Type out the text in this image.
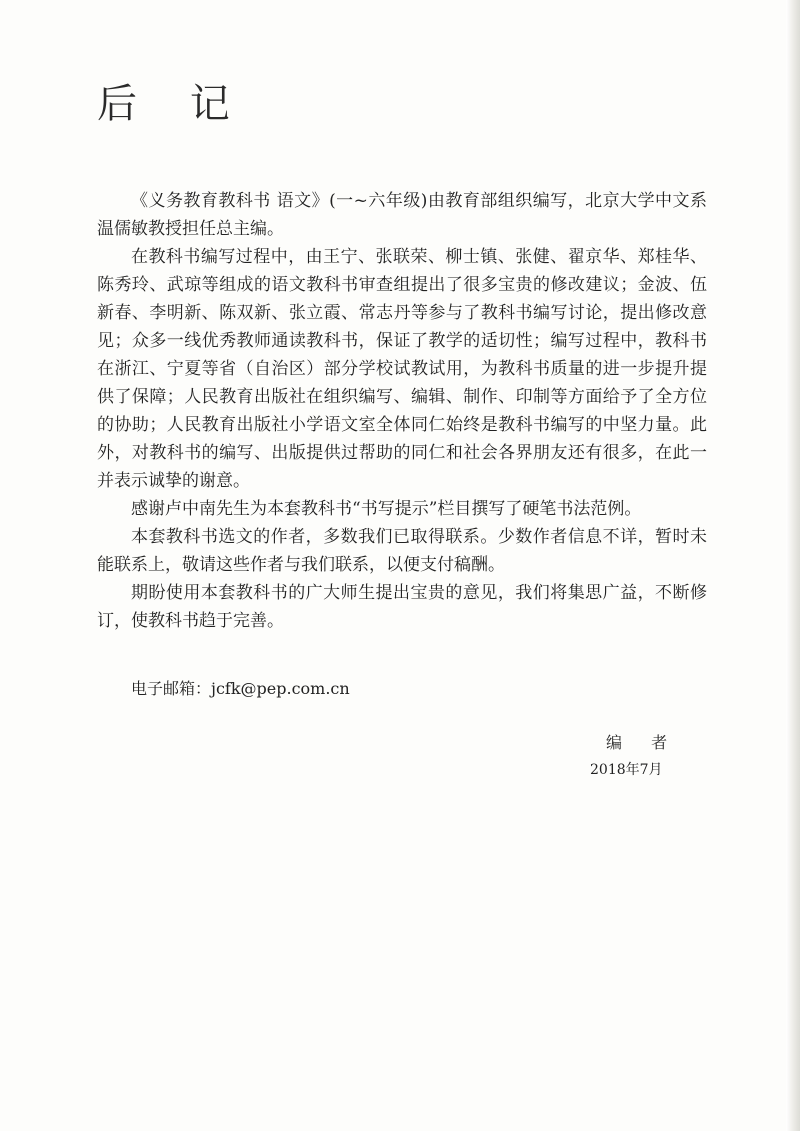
后 记

《义务教育教科书 语文》(一~六年级)由教育部组织编写，北京大学中文系温儒敏教授担任总主编。

在教科书编写过程中，由王宁、张联荣、柳士镇、张健、翟京华、郑桂华、陈秀玲、武琼等组成的语文教科书审查组提出了很多宝贵的修改建议；金波、伍新春、李明新、陈双新、张立霞、常志丹等参与了教科书编写讨论，提出修改意见；众多一线优秀教师通读教科书，保证了教学的适切性；编写过程中，教科书在浙江、宁夏等省（自治区）部分学校试教试用，为教科书质量的进一步提升提供了保障；人民教育出版社在组织编写、编辑、制作、印制等方面给予了全方位的协助；人民教育出版社小学语文室全体同仁始终是教科书编写的中坚力量。此外，对教科书的编写、出版提供过帮助的同仁和社会各界朋友还有很多，在此一并表示诚挚的谢意。

感谢卢中南先生为本套教科书“书写提示”栏目撰写了硬笔书法范例。

本套教科书选文的作者，多数我们已取得联系。少数作者信息不详，暂时未能联系上，敬请这些作者与我们联系，以便支付稿酬。

期盼使用本套教科书的广大师生提出宝贵的意见，我们将集思广益，不断修订，使教科书趋于完善。

电子邮箱：jcfk@pep.com.cn

编 者

2018年7月
